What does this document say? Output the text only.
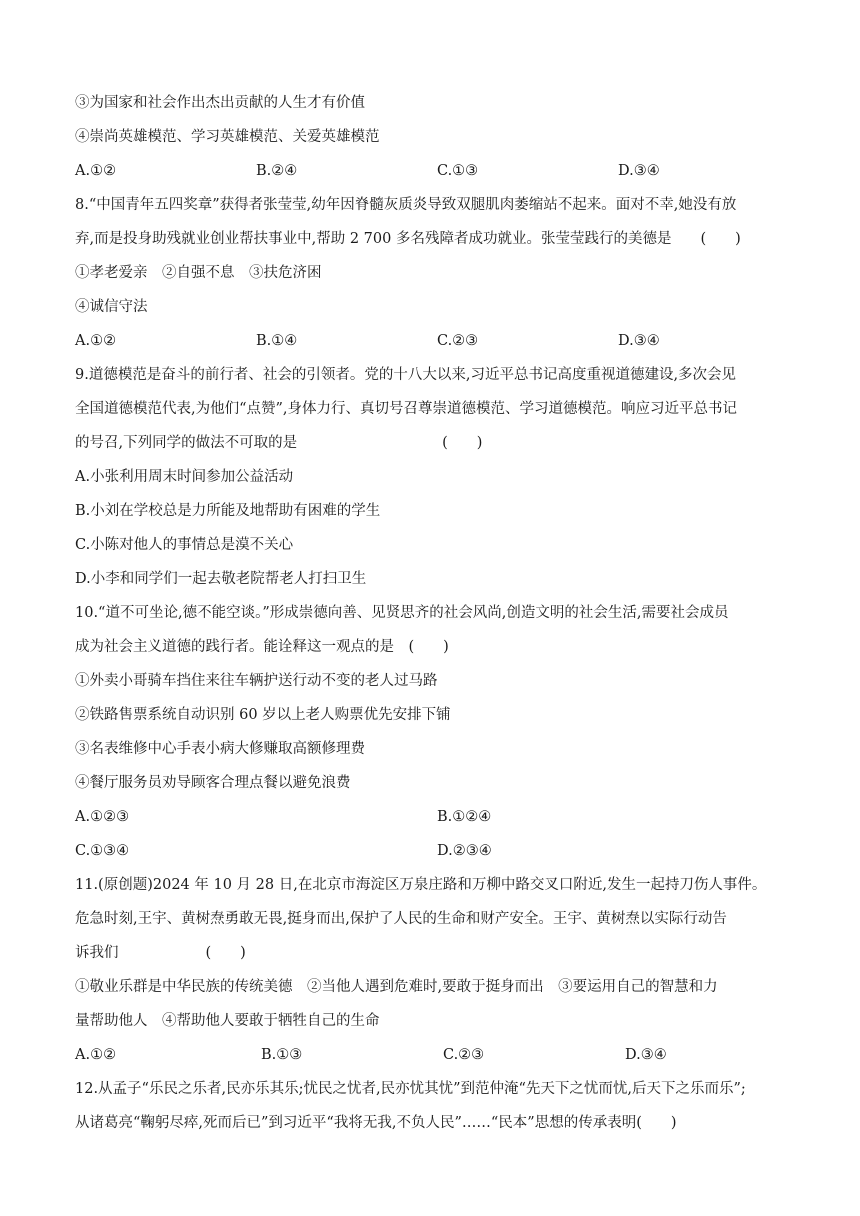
③为国家和社会作出杰出贡献的人生才有价值
④崇尚英雄模范、学习英雄模范、关爱英雄模范
A.①②	B.②④	C.①③	D.③④
8.“中国青年五四奖章”获得者张莹莹,幼年因脊髓灰质炎导致双腿肌肉萎缩站不起来。面对不幸,她没有放
弃,而是投身助残就业创业帮扶事业中,帮助 2 700 多名残障者成功就业。张莹莹践行的美德是　　(　　)
①孝老爱亲　②自强不息　③扶危济困
④诚信守法
A.①②	B.①④	C.②③	D.③④
9.道德模范是奋斗的前行者、社会的引领者。党的十八大以来,习近平总书记高度重视道德建设,多次会见
全国道德模范代表,为他们“点赞”,身体力行、真切号召尊崇道德模范、学习道德模范。响应习近平总书记
的号召,下列同学的做法不可取的是　　　　　　　　　　(　　)
A.小张利用周末时间参加公益活动
B.小刘在学校总是力所能及地帮助有困难的学生
C.小陈对他人的事情总是漠不关心
D.小李和同学们一起去敬老院帮老人打扫卫生
10.“道不可坐论,德不能空谈。”形成崇德向善、见贤思齐的社会风尚,创造文明的社会生活,需要社会成员
成为社会主义道德的践行者。能诠释这一观点的是　(　　)
①外卖小哥骑车挡住来往车辆护送行动不变的老人过马路
②铁路售票系统自动识别 60 岁以上老人购票优先安排下铺
③名表维修中心手表小病大修赚取高额修理费
④餐厅服务员劝导顾客合理点餐以避免浪费
A.①②③	B.①②④
C.①③④	D.②③④
11.(原创题)2024 年 10 月 28 日,在北京市海淀区万泉庄路和万柳中路交叉口附近,发生一起持刀伤人事件。
危急时刻,王宇、黄树焘勇敢无畏,挺身而出,保护了人民的生命和财产安全。王宇、黄树焘以实际行动告
诉我们　　　　　　(　　)
①敬业乐群是中华民族的传统美德　②当他人遇到危难时,要敢于挺身而出　③要运用自己的智慧和力
量帮助他人　④帮助他人要敢于牺牲自己的生命
A.①②	B.①③	C.②③	D.③④
12.从孟子“乐民之乐者,民亦乐其乐;忧民之忧者,民亦忧其忧”到范仲淹“先天下之忧而忧,后天下之乐而乐”;
从诸葛亮“鞠躬尽瘁,死而后已”到习近平“我将无我,不负人民”……“民本”思想的传承表明(　　)
